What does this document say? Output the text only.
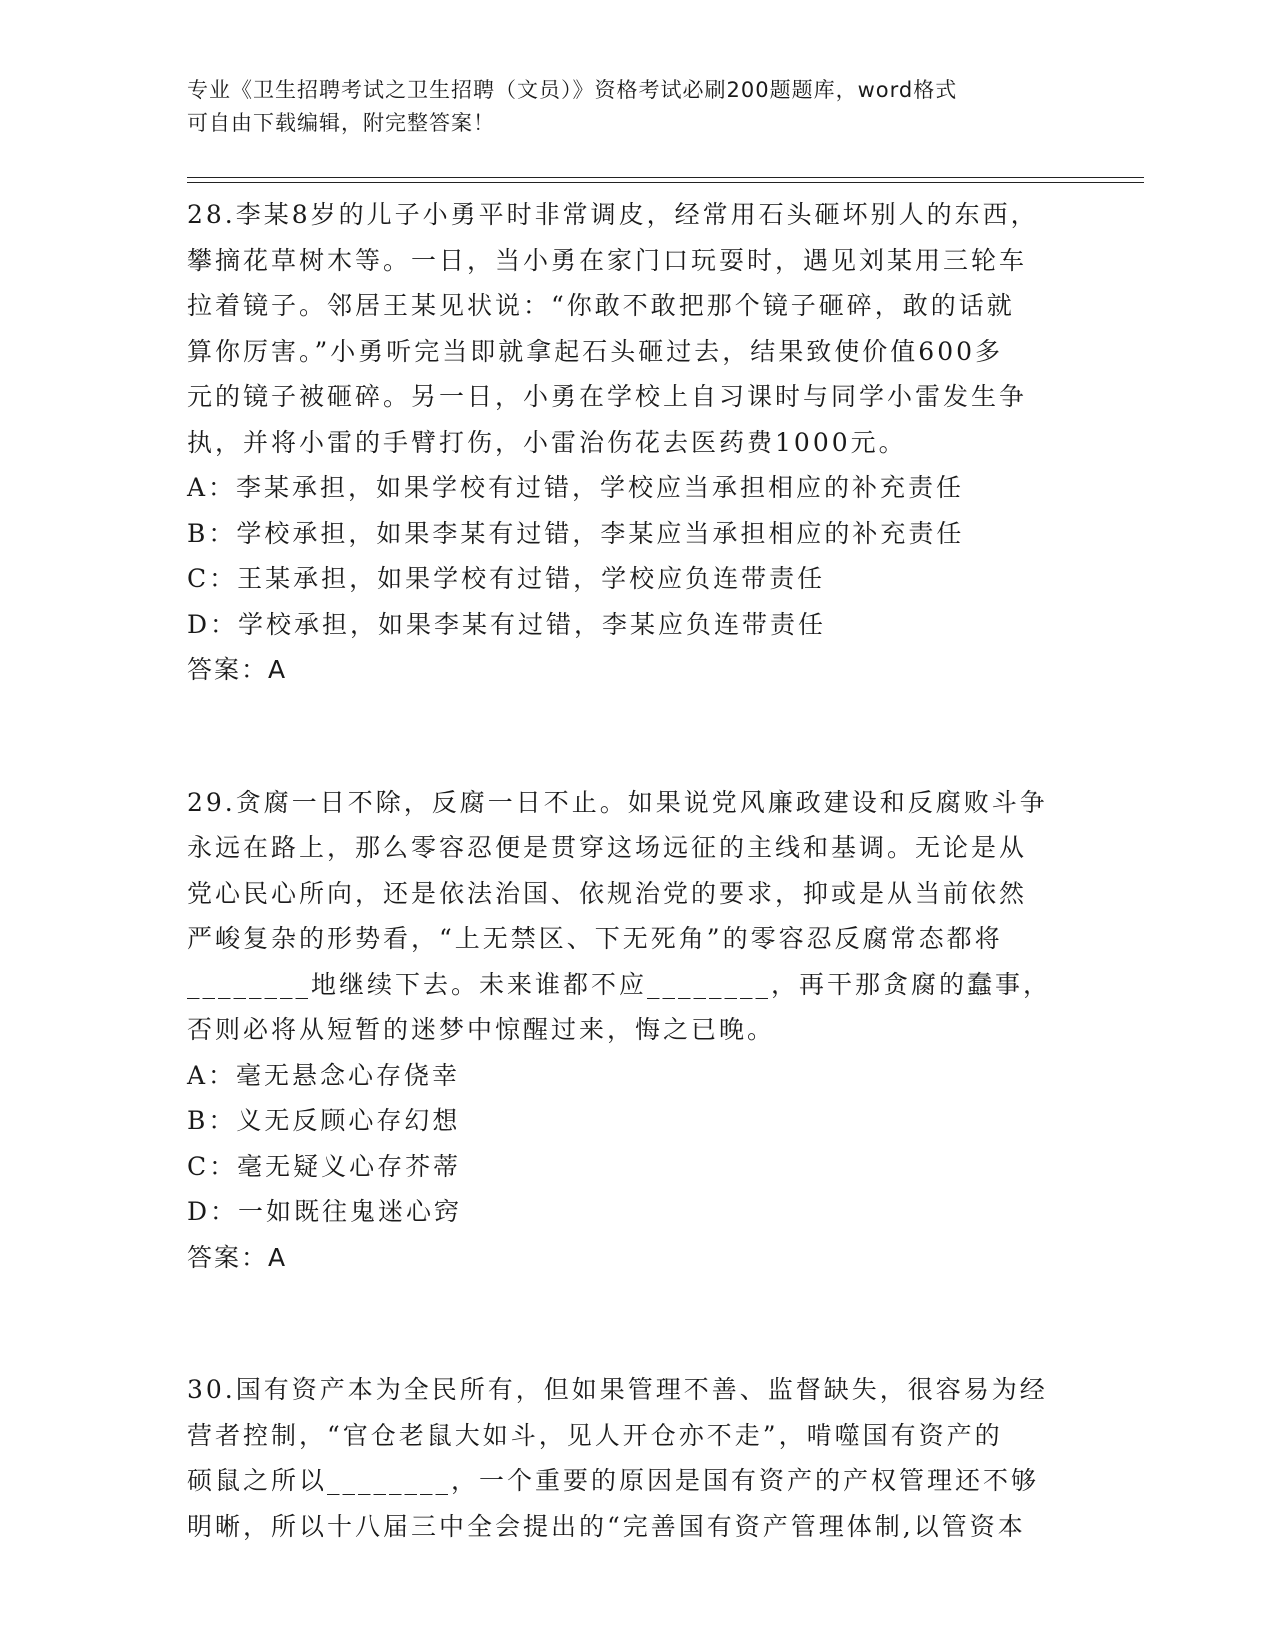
专业《卫生招聘考试之卫生招聘（文员）》资格考试必刷200题题库，word格式
可自由下载编辑，附完整答案！
28.李某8岁的儿子小勇平时非常调皮，经常用石头砸坏别人的东西，
攀摘花草树木等。一日，当小勇在家门口玩耍时，遇见刘某用三轮车
拉着镜子。邻居王某见状说：“你敢不敢把那个镜子砸碎，敢的话就
算你厉害。”小勇听完当即就拿起石头砸过去，结果致使价值600多
元的镜子被砸碎。另一日，小勇在学校上自习课时与同学小雷发生争
执，并将小雷的手臂打伤，小雷治伤花去医药费1000元。
A：李某承担，如果学校有过错，学校应当承担相应的补充责任
B：学校承担，如果李某有过错，李某应当承担相应的补充责任
C：王某承担，如果学校有过错，学校应负连带责任
D：学校承担，如果李某有过错，李某应负连带责任
答案：A
29.贪腐一日不除，反腐一日不止。如果说党风廉政建设和反腐败斗争
永远在路上，那么零容忍便是贯穿这场远征的主线和基调。无论是从
党心民心所向，还是依法治国、依规治党的要求，抑或是从当前依然
严峻复杂的形势看，“上无禁区、下无死角”的零容忍反腐常态都将
________地继续下去。未来谁都不应________，再干那贪腐的蠢事，
否则必将从短暂的迷梦中惊醒过来，悔之已晚。
A：毫无悬念心存侥幸
B：义无反顾心存幻想
C：毫无疑义心存芥蒂
D：一如既往鬼迷心窍
答案：A
30.国有资产本为全民所有，但如果管理不善、监督缺失，很容易为经
营者控制，“官仓老鼠大如斗，见人开仓亦不走”，啃噬国有资产的
硕鼠之所以________，一个重要的原因是国有资产的产权管理还不够
明晰，所以十八届三中全会提出的“完善国有资产管理体制,以管资本
